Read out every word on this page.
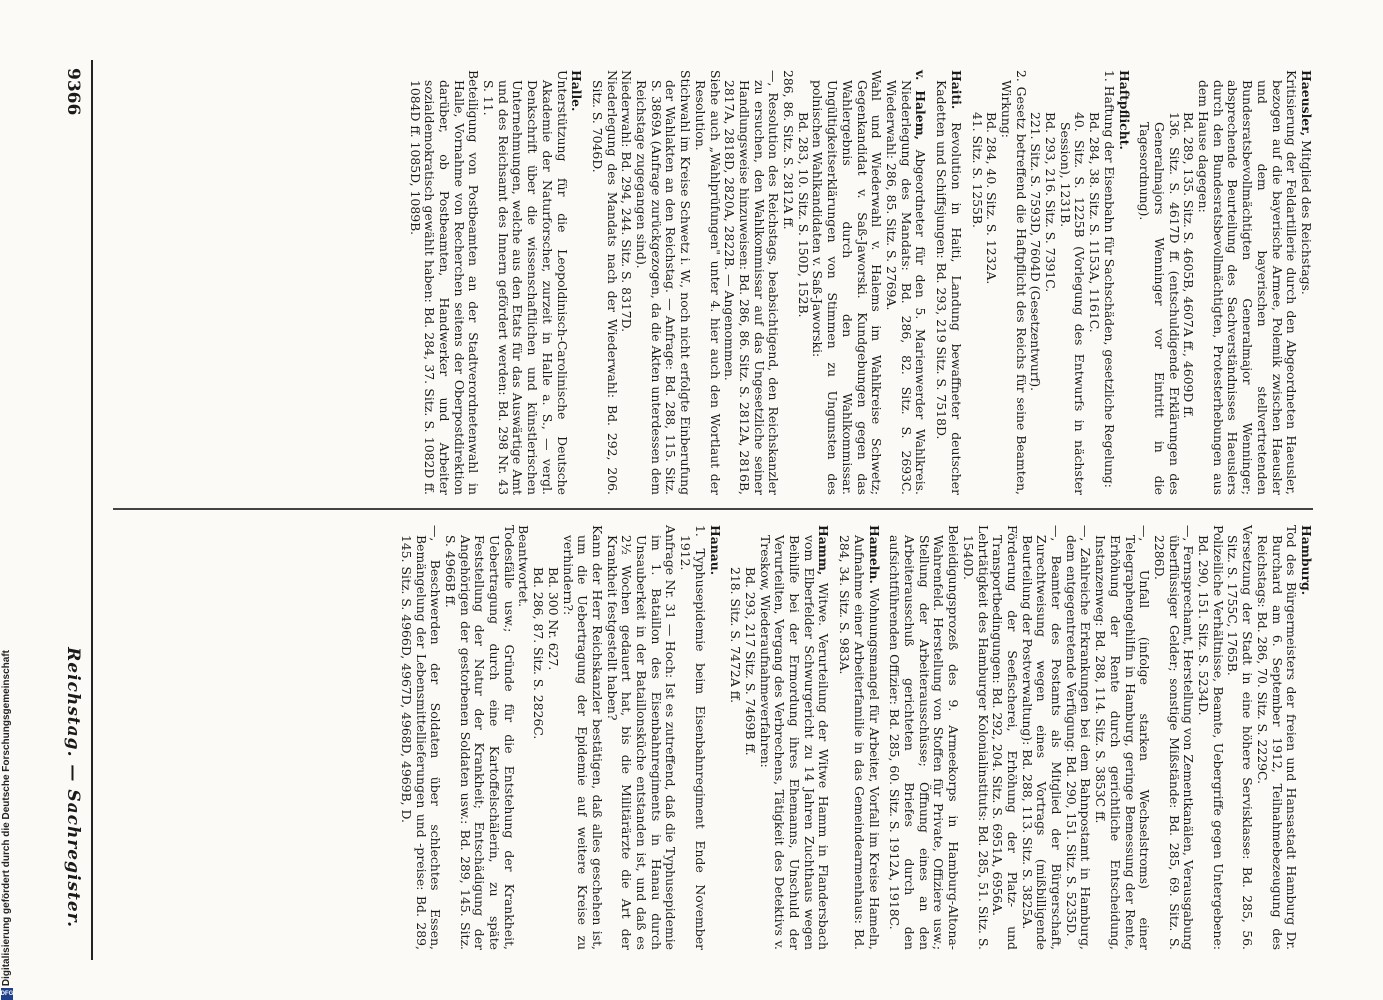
9366
Reichstag. — Sachregister.

Haeusler, Mitglied des Reichstags.

Kritisierung der Feldartillerie durch den Abgeordneten Haeusler, bezogen auf die bayerische Armee, Polemik zwischen Haeusler und dem bayerischen stellvertretenden Bundesratsbevollmächtigten Generalmajor Wenninger; absprechende Beurteilung des Sachverständnisses Haeuslers durch den Bundesratsbevollmächtigten, Protesterhebungen aus dem Hause dagegen:

Bd. 289, 135. Sitz. S. 4605B, 4607A ff., 4609D ff.

136. Sitz. S. 4617D ff. (entschuldigende Erklärungen des Generalmajors Wenninger vor Eintritt in die Tagesordnung).

Haftpflicht.

1. Haftung der Eisenbahn für Sachschäden, gesetzliche Regelung:

Bd. 284, 38. Sitz. S. 1153A, 1161C.

40. Sitz. S. 1225B (Vorlegung des Entwurfs in nächster Session), 1231B.

Bd. 293, 216. Sitz. S. 7391C.

221. Sitz. S. 7593D, 7604D (Gesetzentwurf).

2. Gesetz betreffend die Haftpflicht des Reichs für seine Beamten, Wirkung:

Bd. 284, 40. Sitz. S. 1232A.

41. Sitz. S. 1255B.

Haiti. Revolution in Haiti, Landung bewaffneter deutscher Kadetten und Schiffsjungen: Bd. 293, 219 Sitz. S. 7518D.

v. Halem, Abgeordneter für den 5. Marienwerder Wahlkreis. Niederlegung des Mandats: Bd. 286, 82. Sitz. S. 2693C. Wiederwahl: 286, 85. Sitz. S. 2769A.

Wahl und Wiederwahl v. Halems im Wahlkreise Schwetz; Gegenkandidat v. Saß-Jaworski. Kundgebungen gegen das Wahlergebnis durch den Wahlkommissar. Ungültigkeitserklärungen von Stimmen zu Ungunsten des polnischen Wahlkandidaten v. Saß-Jaworski:

Bd. 283, 10. Sitz. S. 150D, 152B.

286, 86. Sitz. S. 2812A ff.

—, Resolution des Reichstags, beabsichtigend, den Reichskanzler zu ersuchen, den Wahlkommissar auf das Ungesetzliche seiner Handlungsweise hinzuweisen: Bd. 286, 86. Sitz. S. 2812A, 2816B, 2817A, 2818D, 2820A, 2822B. — Angenommen.

Siehe auch „Wahlprüfungen" unter 4. hier auch den Wortlaut der Resolution.

Stichwahl im Kreise Schwetz i. W., noch nicht erfolgte Einberufung der Wahlakten an den Reichstag. — Anfrage: Bd. 288, 115. Sitz. S. 3869A (Anfrage zurückgezogen, da die Akten unterdessen dem Reichstage zugegangen sind).

Niederwahl: Bd. 294, 244. Sitz. S. 8317D.

Niederlegung des Mandats nach der Wiederwahl: Bd. 292, 206. Sitz. S. 7046D.

Halle.

Unterstützung für die Leopoldinisch-Carolinische Deutsche Akademie der Naturforscher, zurzeit in Halle a. S., — vergl. Denkschrift über die wissenschaftlichen und künstlerischen Unternehmungen, welche aus den Etats für das Auswärtige Amt und des Reichsamt des Innern gefördert werden: Bd. 298 Nr. 43 S. 11.

Beteiligung von Postbeamten an der Stadtverordnetenwahl in Halle, Vornahme von Recherchen seitens der Oberpostdirektion darüber, ob Postbeamten, Handwerker und Arbeiter sozialdemokratisch gewählt haben: Bd. 284, 37. Sitz. S. 1082D ff. 1084D ff. 1085D, 1089B.

Hamburg.

Tod des Bürgermeisters der freien und Hansastadt Hamburg Dr. Burchard am 6. September 1912, Teilnahmebezeugung des Reichstags: Bd. 286, 70. Sitz. S. 2229C.

Versetzung der Stadt in eine höhere Servisklasse: Bd. 285, 56. Sitz. S. 1755C, 1765B.

Polizeiliche Verhältnisse, Beamte, Uebergriffe gegen Untergebene: Bd. 290, 151. Sitz. S. 5234D.

—, Fernsprechamt, Herstellung von Zementkanälen, Verausgabung überflüssiger Gelder; sonstige Mißstände: Bd. 285, 69. Sitz. S. 2286D.

—, Unfall (infolge starken Wechselstroms) einer Telegraphengehilfin in Hamburg, geringe Bemessung der Rente, Erhöhung der Rente durch gerichtliche Entscheidung, Instanzenweg: Bd. 288, 114. Sitz. S. 3853C ff.

—, Zahlreiche Erkrankungen bei dem Bahnpostamt in Hamburg, dem entgegentretende Verfügung: Bd. 290, 151. Sitz. S. 5235D.

—, Beamter des Postamts als Mitglied der Bürgerschaft, Zurechtweisung wegen eines Vortrags (mißbilligende Beurteilung der Postverwaltung): Bd. 288, 113. Sitz. S. 3825A.

Förderung der Seefischerei, Erhöhung der Platz- und Transportbedingungen: Bd. 292, 204. Sitz. S. 6951A, 6956A.

Lehrtätigkeit des Hamburger Kolonialinstituts: Bd. 285, 51. Sitz. S. 1540D.

Beleidigungsprozeß des 9. Armeekorps in Hamburg-Altona-Wahrenfeld. Herstellung von Stoffen für Private, Offiziere usw.; Stellung der Arbeiterausschüsse; Öffnung eines an den Arbeiterausschuß gerichteten Briefes durch den aufsichtführenden Offizier: Bd. 285, 60. Sitz. S. 1912A, 1918C.

Hameln. Wohnungsmangel für Arbeiter, Vorfall im Kreise Hameln, Aufnahme einer Arbeiterfamilie in das Gemeindearmenhaus: Bd. 284, 34. Sitz. S. 983A.

Hamm, Witwe. Verurteilung der Witwe Hamm in Flandersbach vom Elberfelder Schwurgericht zu 14 Jahren Zuchthaus wegen Beihilfe bei der Ermordung ihres Ehemanns, Unschuld der Verurteilten, Vergang des Verbrechens, Tätigkeit des Detektivs v. Treskow, Wiederaufnahmeverfahren:

Bd. 293, 217 Sitz. S. 7469B ff.

218. Sitz. S. 7472A ff.

Hanau.

1. Typhusepidemie beim Eisenbahnregiment Ende November 1912.

Anfrage Nr. 31 — Hoch: Ist es zutreffend, daß die Typhusepidemie im 1. Bataillon des Eisenbahnregiments in Hanau durch Unsauberkeit in der Bataillonsküche entstanden ist, und daß es 2½ Wochen gedauert hat, bis die Militärärzte die Art der Krankheit festgestellt haben?

Kann der Herr Reichskanzler bestätigen, daß alles geschehen ist, um die Uebertragung der Epidemie auf weitere Kreise zu verhindern?:

Bd. 300 Nr. 627.

Bd. 286, 87. Sitz. S. 2826C.

Beantwortet.

Todesfälle usw.; Gründe für die Entstehung der Krankheit, Uebertragung durch eine Kartoffelschälerin, zu späte Feststellung der Natur der Krankheit; Entschädigung der Angehörigen der gestorbenen Soldaten usw.: Bd. 289, 145. Sitz. S. 4966B ff.

—, Beschwerden der Soldaten über schlechtes Essen, Bemängelung der Lebensmittellieferungen und -preise: Bd. 289, 145. Sitz. S. 4966D, 4967D, 4968D, 4969B, D.

Digitalisierung gefördert durch die Deutsche Forschungsgemeinschaft
DFG
